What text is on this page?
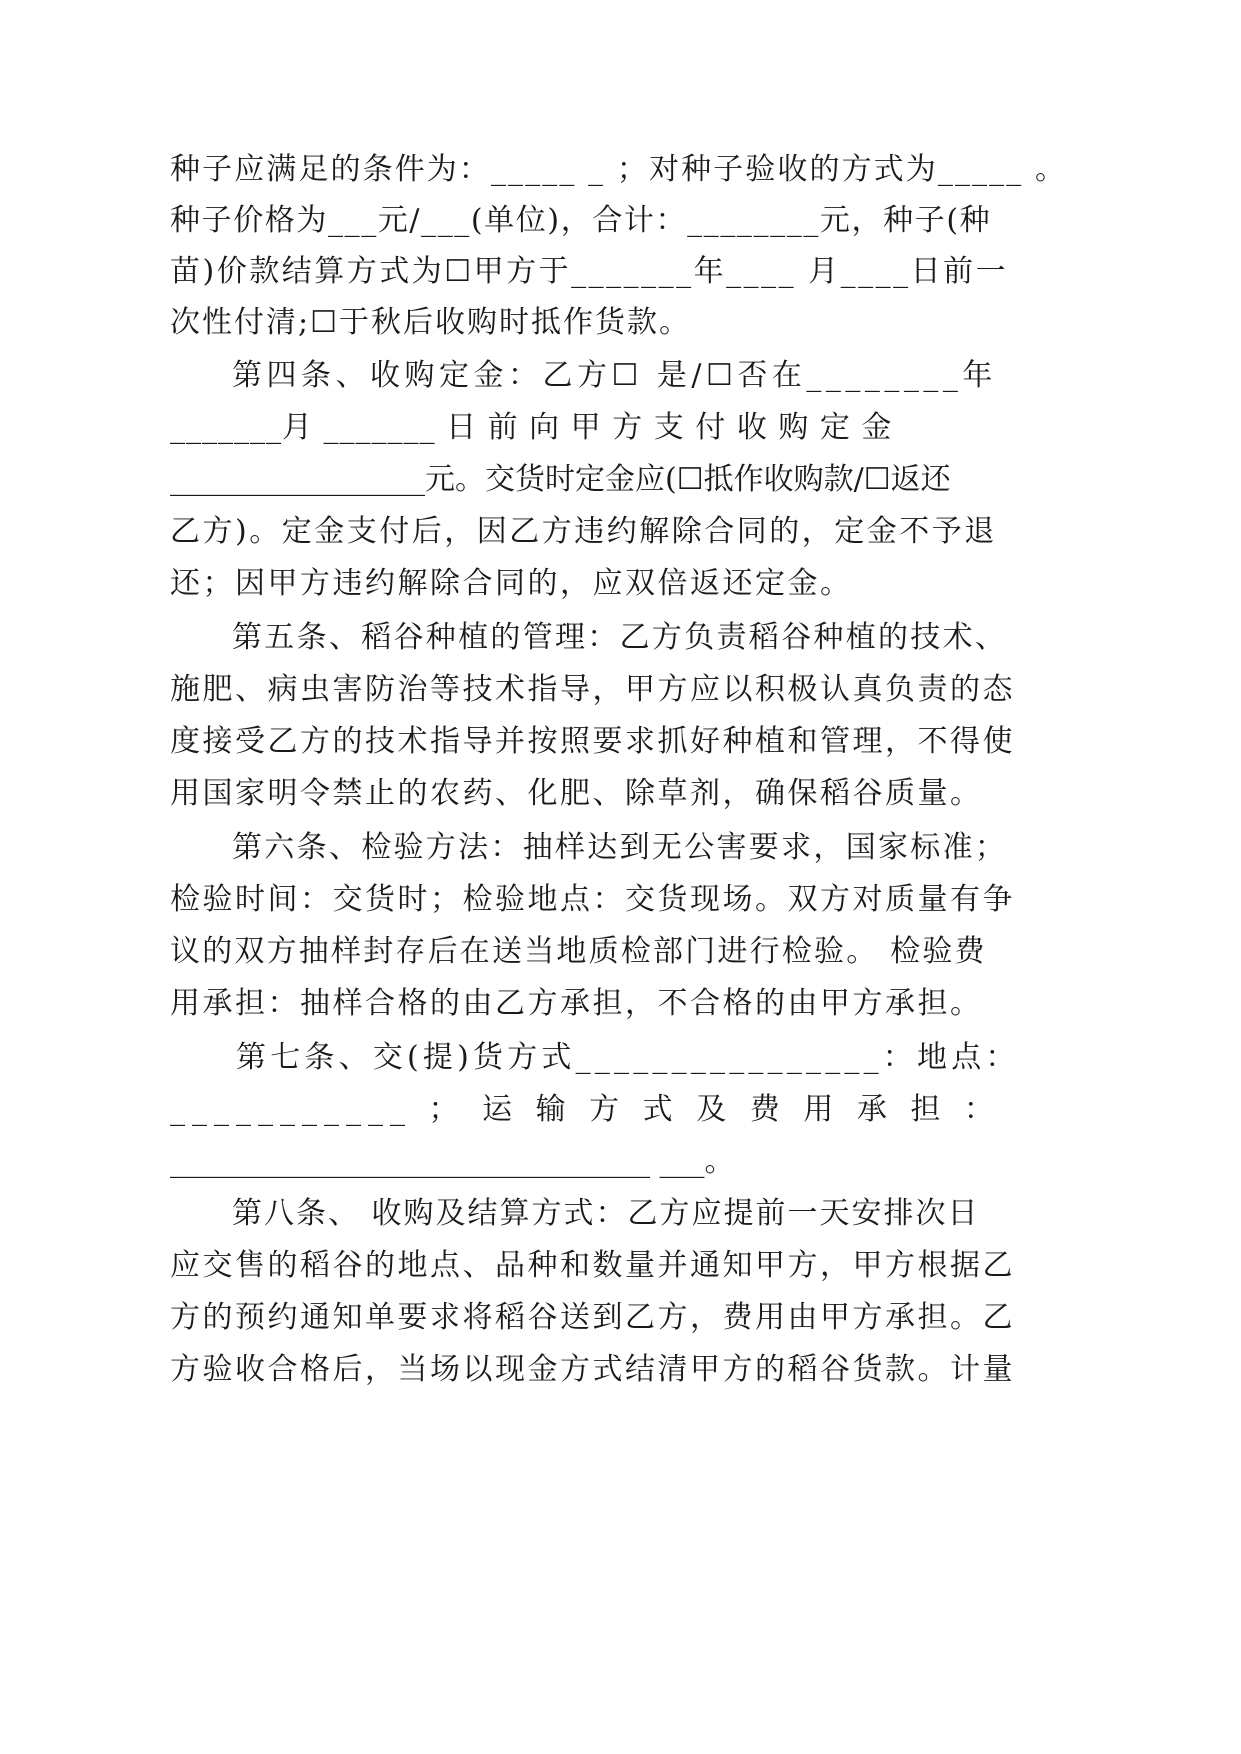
种子应满足的条件为：_____ _ ；对种子验收的方式为_____ 。
种子价格为___元/___(单位)，合计：________元，种子(种
苗)价款结算方式为☐甲方于_______年____ 月____日前一
次性付清;☐于秋后收购时抵作货款。
第四条、收购定金：乙方☐ 是/☐否在________年
_______月 _______ 日 前 向 甲 方 支 付 收 购 定 金
_________________元。交货时定金应(☐抵作收购款/☐返还
乙方)。定金支付后，因乙方违约解除合同的，定金不予退
还；因甲方违约解除合同的，应双倍返还定金。
第五条、稻谷种植的管理：乙方负责稻谷种植的技术、
施肥、病虫害防治等技术指导，甲方应以积极认真负责的态
度接受乙方的技术指导并按照要求抓好种植和管理，不得使
用国家明令禁止的农药、化肥、除草剂，确保稻谷质量。
第六条、检验方法：抽样达到无公害要求，国家标准；
检验时间：交货时；检验地点：交货现场。双方对质量有争
议的双方抽样封存后在送当地质检部门进行检验。 检验费
用承担：抽样合格的由乙方承担，不合格的由甲方承担。
第七条、交(提)货方式________________：地点：
___________ ； 运 输 方 式 及 费 用 承 担 ：
________________________________ ___。
第八条、 收购及结算方式：乙方应提前一天安排次日
应交售的稻谷的地点、品种和数量并通知甲方，甲方根据乙
方的预约通知单要求将稻谷送到乙方，费用由甲方承担。乙
方验收合格后，当场以现金方式结清甲方的稻谷货款。计量
